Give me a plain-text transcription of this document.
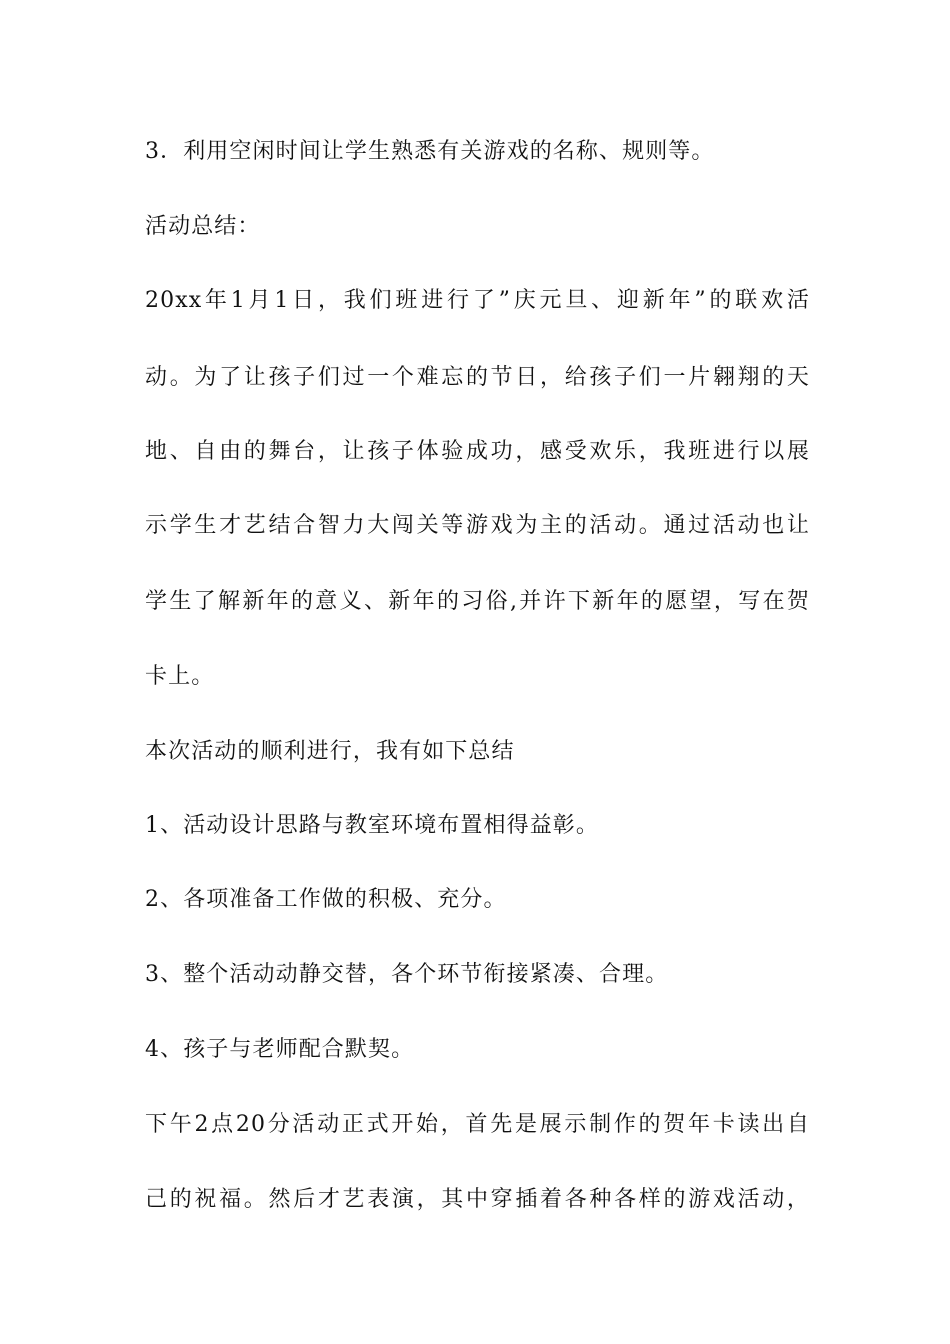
3．利用空闲时间让学生熟悉有关游戏的名称、规则等。
活动总结：
20xx年1月1日，我们班进行了”庆元旦、迎新年”的联欢活
动。为了让孩子们过一个难忘的节日，给孩子们一片翱翔的天
地、自由的舞台，让孩子体验成功，感受欢乐，我班进行以展
示学生才艺结合智力大闯关等游戏为主的活动。通过活动也让
学生了解新年的意义、新年的习俗,并许下新年的愿望，写在贺
卡上。
本次活动的顺利进行，我有如下总结
1、活动设计思路与教室环境布置相得益彰。
2、各项准备工作做的积极、充分。
3、整个活动动静交替，各个环节衔接紧凑、合理。
4、孩子与老师配合默契。
下午2点20分活动正式开始，首先是展示制作的贺年卡读出自
己的祝福。然后才艺表演，其中穿插着各种各样的游戏活动，
